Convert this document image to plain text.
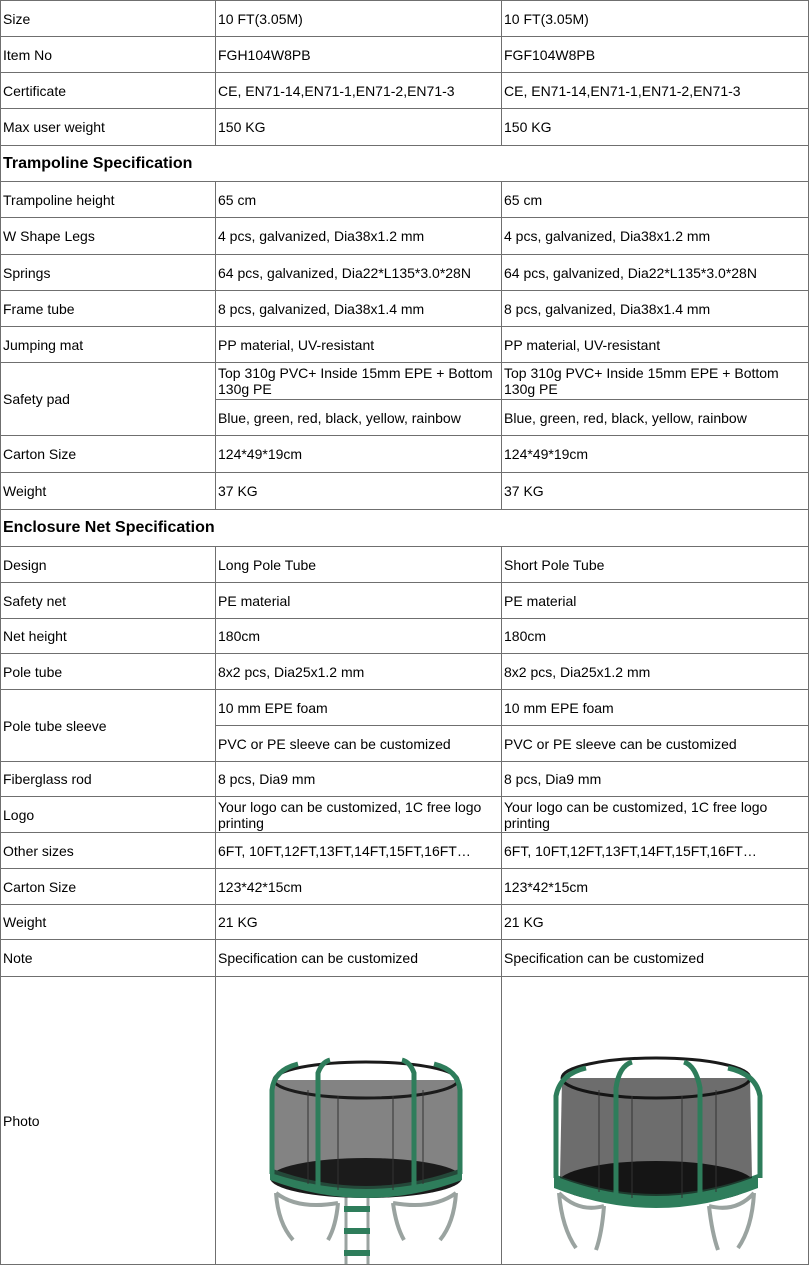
Size	10 FT(3.05M)	10 FT(3.05M)
Item No	FGH104W8PB	FGF104W8PB
Certificate	CE, EN71-14,EN71-1,EN71-2,EN71-3	CE, EN71-14,EN71-1,EN71-2,EN71-3
Max user weight	150 KG	150 KG
Trampoline Specification		
Trampoline height	65 cm	65 cm
W Shape Legs	4 pcs, galvanized, Dia38x1.2 mm	4 pcs, galvanized, Dia38x1.2 mm
Springs	64 pcs, galvanized, Dia22*L135*3.0*28N	64 pcs, galvanized, Dia22*L135*3.0*28N
Frame tube	8 pcs, galvanized, Dia38x1.4 mm	8 pcs, galvanized, Dia38x1.4 mm
Jumping mat	PP material, UV-resistant	PP material, UV-resistant
Safety pad	Top 310g PVC+ Inside 15mm EPE + Bottom 130g PE	Top 310g PVC+ Inside 15mm EPE + Bottom 130g PE
	Blue, green, red, black, yellow, rainbow	Blue, green, red, black, yellow, rainbow
Carton Size	124*49*19cm	124*49*19cm
Weight	37 KG	37 KG
Enclosure Net Specification		
Design	Long Pole Tube	Short Pole Tube
Safety net	PE material	PE material
Net height	180cm	180cm
Pole tube	8x2 pcs, Dia25x1.2 mm	8x2 pcs, Dia25x1.2 mm
Pole tube sleeve	10 mm EPE foam	10 mm EPE foam
	PVC or PE sleeve can be customized	PVC or PE sleeve can be customized
Fiberglass rod	8 pcs, Dia9 mm	8 pcs, Dia9 mm
Logo	Your logo can be customized, 1C free logo printing	Your logo can be customized, 1C free logo printing
Other sizes	6FT, 10FT,12FT,13FT,14FT,15FT,16FT…	6FT, 10FT,12FT,13FT,14FT,15FT,16FT…
Carton Size	123*42*15cm	123*42*15cm
Weight	21 KG	21 KG
Note	Specification can be customized	Specification can be customized
Photo	
